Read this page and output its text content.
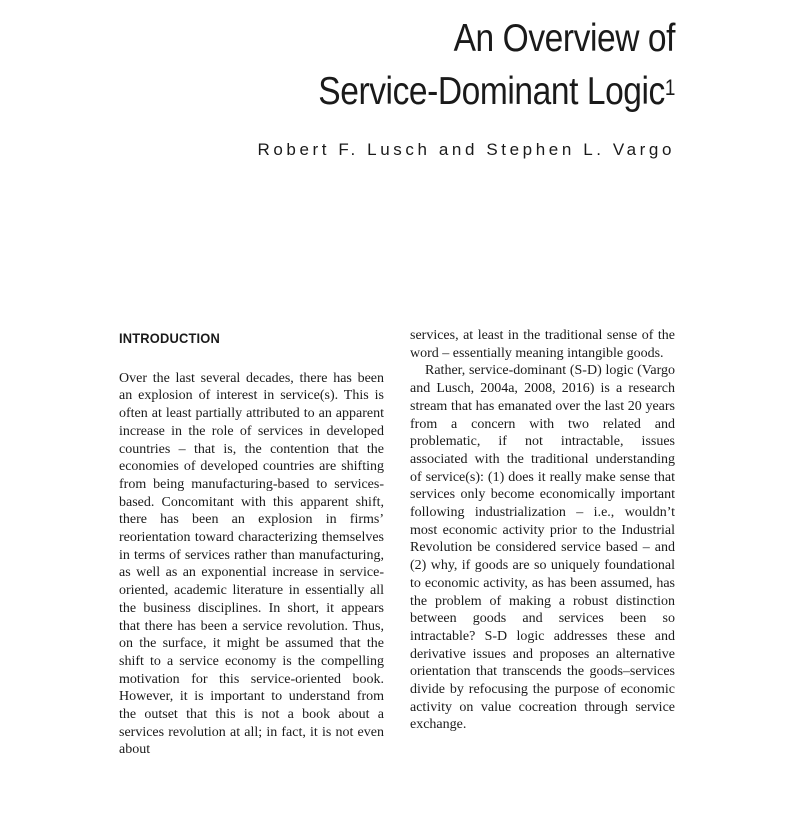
An Overview of
Service-Dominant Logic$^1$
Robert F. Lusch and Stephen L. Vargo
INTRODUCTION

Over the last several decades, there has been an explosion of interest in service(s). This is often at least partially attributed to an apparent increase in the role of services in developed countries – that is, the contention that the economies of developed countries are shifting from being manufacturing-based to services-based. Concomitant with this apparent shift, there has been an explosion in firms’ reorientation toward characterizing themselves in terms of services rather than manufacturing, as well as an exponential increase in service-oriented, academic literature in essentially all the business disciplines. In short, it appears that there has been a service revolution. Thus, on the surface, it might be assumed that the shift to a service economy is the compelling motivation for this service-oriented book. However, it is important to understand from the outset that this is not a book about a services revolution at all; in fact, it is not even about

services, at least in the traditional sense of the word – essentially meaning intangible goods.

Rather, service-dominant (S-D) logic (Vargo and Lusch, 2004a, 2008, 2016) is a research stream that has emanated over the last 20 years from a concern with two related and problematic, if not intractable, issues associated with the traditional understanding of service(s): (1) does it really make sense that services only become economically important following industrialization – i.e., wouldn’t most economic activity prior to the Industrial Revolution be considered service based – and (2) why, if goods are so uniquely foundational to economic activity, as has been assumed, has the problem of making a robust distinction between goods and services been so intractable? S-D logic addresses these and derivative issues and proposes an alternative orientation that transcends the goods–services divide by refocusing the purpose of economic activity on value cocreation through service exchange.
